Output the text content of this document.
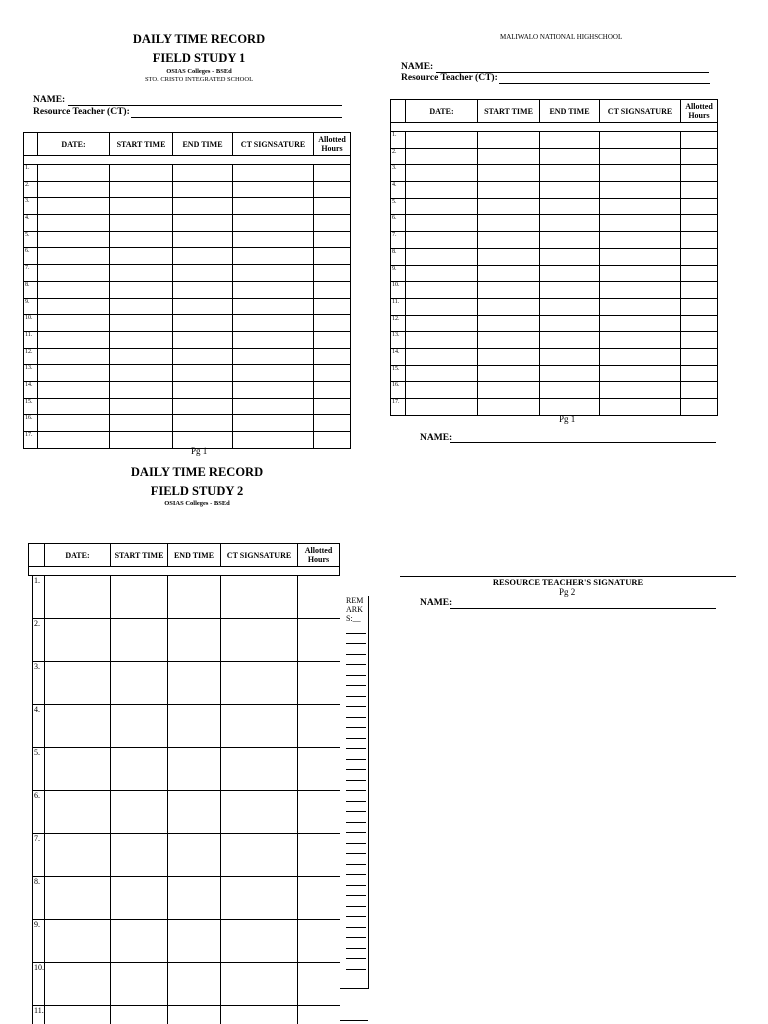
DAILY TIME RECORD
FIELD STUDY 1
OSIAS Colleges - BSEd
STO. CRISTO INTEGRATED SCHOOL
NAME:
Resource Teacher (CT):
	DATE:	START TIME	END TIME	CT SIGNSATURE	Allotted Hours

1.					
2.					
3.					
4.					
5.					
6.					
7.					
8.					
9.					
10.					
11.					
12.					
13.					
14.					
15.					
16.					
17.					
Pg 1
MALIWALO NATIONAL HIGHSCHOOL
NAME:
Resource Teacher (CT):
	DATE:	START TIME	END TIME	CT SIGNSATURE	Allotted Hours

1.					
2.					
3.					
4.					
5.					
6.					
7.					
8.					
9.					
10.					
11.					
12.					
13.					
14.					
15.					
16.					
17.					
Pg 1
NAME:
DAILY TIME RECORD
FIELD STUDY 2
OSIAS Colleges - BSEd
	DATE:	START TIME	END TIME	CT SIGNSATURE	Allotted Hours

1.					
2.					
3.					
4.					
5.					
6.					
7.					
8.					
9.					
10.					
11.					
REM ARK S:__
RESOURCE TEACHER'S SIGNATURE
Pg 2
NAME:
